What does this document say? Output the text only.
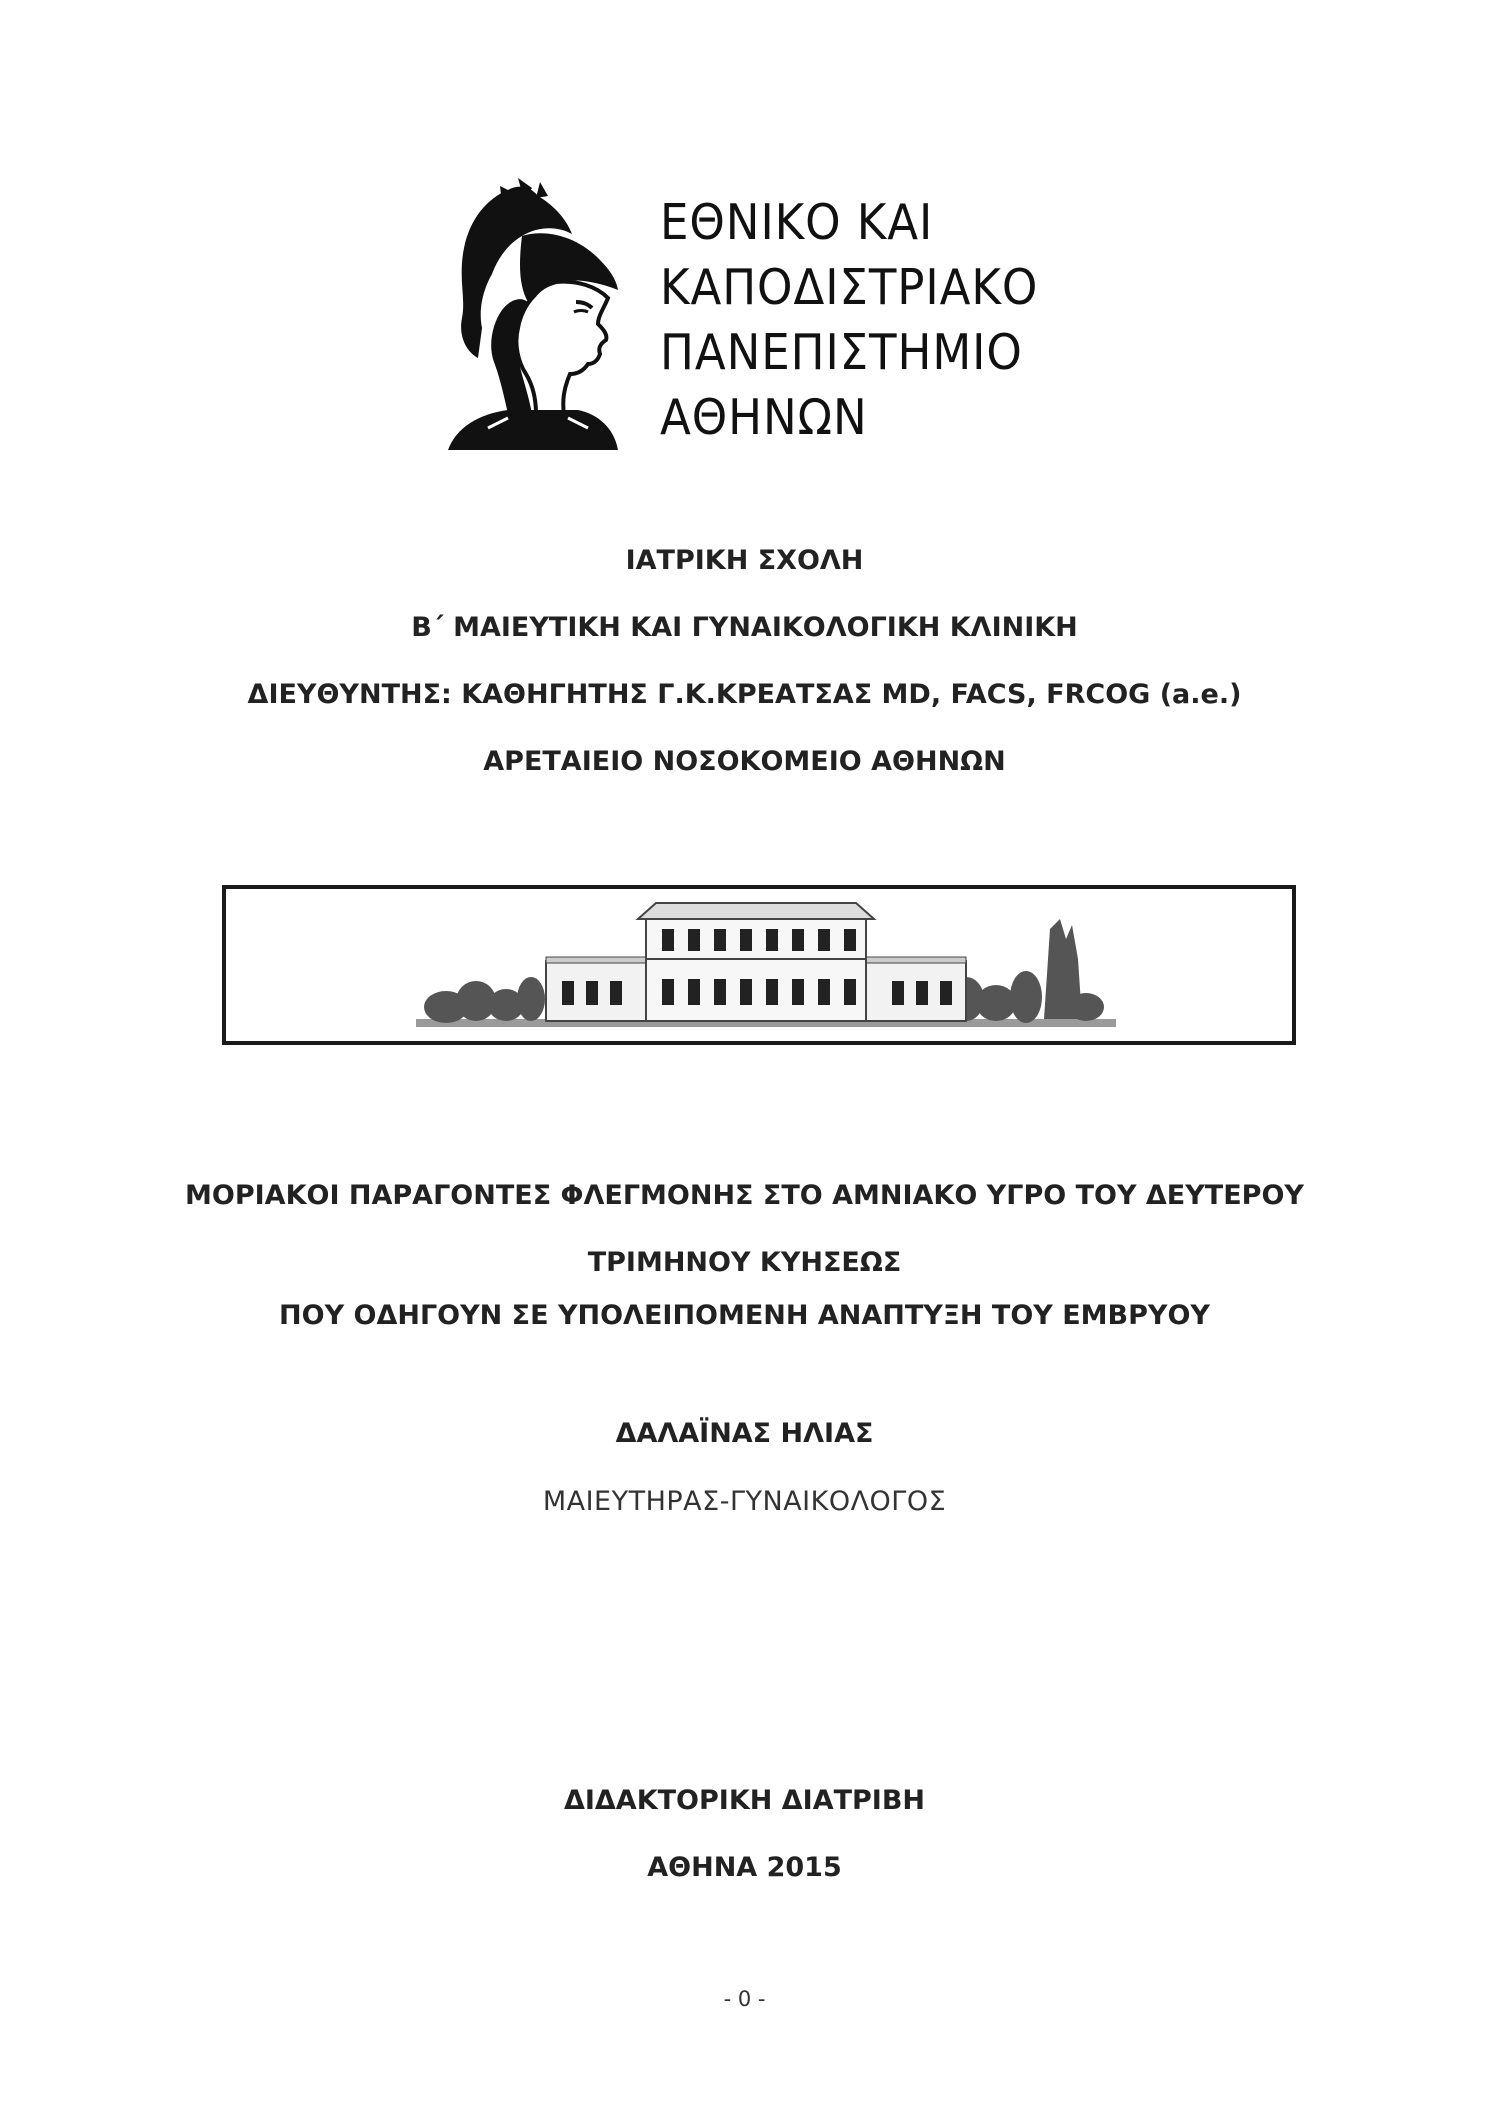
ΕΘΝΙΚΟ ΚΑΙ
ΚΑΠΟΔΙΣΤΡΙΑΚΟ
ΠΑΝΕΠΙΣΤΗΜΙΟ
ΑΘΗΝΩΝ
ΙΑΤΡΙΚΗ ΣΧΟΛΗ
Β΄ ΜΑΙΕΥΤΙΚΗ ΚΑΙ ΓΥΝΑΙΚΟΛΟΓΙΚΗ ΚΛΙΝΙΚΗ
ΔΙΕΥΘΥΝΤΗΣ: ΚΑΘΗΓΗΤΗΣ Γ.Κ.ΚΡΕΑΤΣΑΣ MD, FACS, FRCOG (a.e.)
ΑΡΕΤΑΙΕΙΟ ΝΟΣΟΚΟΜΕΙΟ ΑΘΗΝΩΝ
ΜΟΡΙΑΚΟΙ ΠΑΡΑΓΟΝΤΕΣ ΦΛΕΓΜΟΝΗΣ ΣΤΟ ΑΜΝΙΑΚΟ ΥΓΡΟ ΤΟΥ ΔΕΥΤΕΡΟΥ
ΤΡΙΜΗΝΟΥ ΚΥΗΣΕΩΣ
ΠΟΥ ΟΔΗΓΟΥΝ ΣΕ ΥΠΟΛΕΙΠΟΜΕΝΗ ΑΝΑΠΤΥΞΗ ΤΟΥ ΕΜΒΡΥΟΥ
ΔΑΛΑΪΝΑΣ ΗΛΙΑΣ
ΜΑΙΕΥΤΗΡΑΣ-ΓΥΝΑΙΚΟΛΟΓΟΣ
ΔΙΔΑΚΤΟΡΙΚΗ ΔΙΑΤΡΙΒΗ
ΑΘΗΝΑ 2015
- 0 -
